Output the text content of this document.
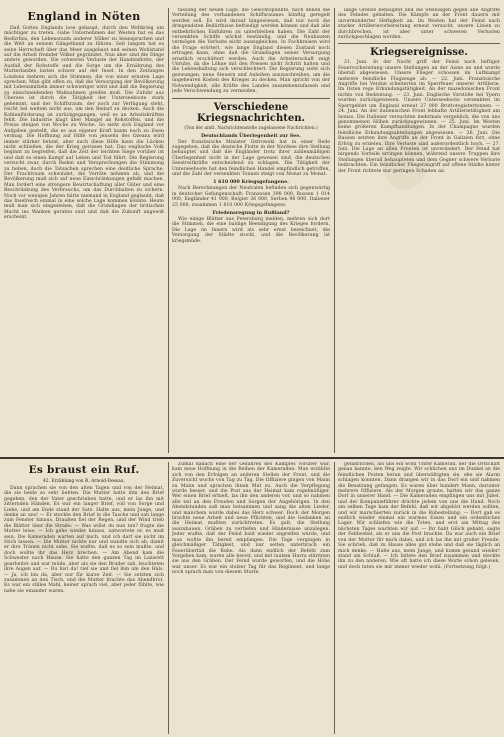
England in Nöten

Daß Gottes Englands lose gehaupt, durch den Weltkrieg um mächtiger zu treten. Gabe Unternehmen der Westen hat es das Bedürfnis, den Lebensraum anderer Völker zu beanspruchen und die Welt an seinem Gängelband zu führen. Seit langem hat es seine Herrschaft über das Meer ausgebaut und seinen Wohlstand auf die Arbeit fremder Völker gegründet. Nun aber sind die Dinge anders geworden. Die schweren Verluste der Handelsflotte, der Ausfall der Rohstoffe und die Sorge um die Ernährung des Mutterlandes lasten schwer auf der Insel. In den Zeitungen Londons mehren sich die Stimmen, die von einer ernsten Lage sprechen. Man gibt offen zu, daß die Versorgung der Bevölkerung mit Lebensmitteln immer schwieriger wird und daß die Regierung zu einschneidenden Maßnahmen greifen muß. Die Zufuhr aus Übersee ist durch die Tätigkeit der Unterseeboote stark gehemmt, und der Schiffsraum, der noch zur Verfügung steht, reicht bei weitem nicht aus, um den Bedarf zu decken. Auch die Kohlenförderung ist zurückgegangen, weil es an Arbeitskräften fehlt. Die Industrie klagt über Mangel an Rohstoffen, und die Preise steigen von Woche zu Woche. So sieht sich England vor Aufgaben gestellt, die es aus eigener Kraft kaum noch zu lösen vermag. Die Hoffnung auf Hilfe von jenseits des Ozeans wird immer stärker betont, aber auch diese Hilfe kann die Lücken nicht schließen, die der Krieg gerissen hat. Das englische Volk beginnt zu begreifen, daß die Zeit der leichten Siege vorüber ist und daß es einen Kampf auf Leben und Tod führt. Die Regierung versucht zwar, durch Reden und Versprechungen die Stimmung zu heben, doch die Tatsachen sprechen eine deutliche Sprache. Der Frachtraum schwindet, die Vorräte nehmen ab, und die Bevölkerung muß sich auf neue Einschränkungen gefaßt machen. Man fordert eine strengere Bewirtschaftung aller Güter und eine Beschränkung des Verbrauchs, um das Durchhalten zu sichern. Noch vor wenigen Jahren hätte niemand in England geglaubt, daß das Inselreich einmal in eine solche Lage kommen könnte. Heute muß man sich eingestehen, daß die Grundlagen der britischen Macht ins Wanken geraten sind und daß die Zukunft ungewiß erscheint.

fassung der neuen Lage, die Gesichtspunkte, nach denen die Verteilung des vorhandenen Schiffsraumes künftig geregelt werden soll. Es wird darauf hingewiesen, daß nur noch die dringendsten Bedürfnisse befriedigt werden können und daß alle entbehrlichen Einfuhren zu unterbleiben haben. Die Zahl der versenkten Schiffe wächst beständig, und die Neubauten vermögen die Verluste nicht auszugleichen. In Fachkreisen wird die Frage erörtert, wie lange England diesen Zustand noch ertragen kann, ohne daß die Grundlagen seiner Versorgung ernstlich erschüttert werden. Auch die Arbeiterschaft zeigt Unruhe, da die Löhne mit den Preisen nicht Schritt halten und die Lebenshaltung sich verschlechtert. Die Regierung sieht sich gezwungen, neue Steuern und Anleihen auszuschreiben, um die ungeheuren Kosten des Krieges zu decken. Man spricht von der Notwendigkeit, alle Kräfte des Landes zusammenzufassen und jede Verschwendung zu vermeiden.

Verschiedene Kriegsnachrichten.
(Von der amtl. Nachrichtenstelle zugelassene Nachrichten.)
Deutschlands Überlegenheit zur See.

Der französische Minister Ostrowski hat in einer Rede zugegeben, daß die deutsche Flotte in der Nordsee ihre Stellung behauptet und daß die Engländer trotz ihrer zahlenmäßigen Überlegenheit nicht in der Lage gewesen sind, die deutschen Seestreitkräfte entscheidend zu schlagen. Die Tätigkeit der Unterseeboote hat den feindlichen Handel empfindlich getroffen, und die Zahl der versenkten Tonnen steigt von Monat zu Monat.

1 610 000 Kriegsgefangene.

Nach Berechnungen der Neutralen befinden sich gegenwärtig in deutscher Gefangenschaft: Franzosen 398 000, Russen 1 014 000, Engländer 41 000, Belgier 36 000, Serben 96 000, Italiener 25 000, zusammen 1 610 000 Kriegsgefangene.

Friedensregung in Rußland?

Wie einige Blätter aus Petersburg melden, mehren sich dort die Stimmen, die eine baldige Beendigung des Krieges fordern. Die Lage im Innern wird als sehr ernst bezeichnet, die Versorgung der Städte stockt, und die Bevölkerung ist kriegsmüde.

lange Grenze behauptet und die Stellungen gegen alle Angriffe des Feindes gehalten. Die Kämpfe an der Front dauern mit unverminderter Heftigkeit an. Im Westen hat der Feind nach starker Artillerievorbereitung erneut versucht, unsere Linien zu durchbrechen, ist aber unter schweren Verlusten zurückgeschlagen worden.

Kriegsereignisse.

21. Juni. In der Nacht griff der Feind nach heftiger Feuervorbereitung unsere Stellungen an der Aisne an und wurde überall abgewiesen. Unsere Flieger schossen im Luftkampf mehrere feindliche Flugzeuge ab. — 22. Juni. Französische Angriffe bei Verdun scheiterten im Sperrfeuer unserer Artillerie. Im Osten rege Erkundungstätigkeit. An der mazedonischen Front nichts von Bedeutung. — 23. Juni. Englische Vorstöße bei Ypern wurden zurückgewiesen. Unsere Unterseeboote versenkten im Sperrgebiet um England erneut 27 000 Bruttoregistertonnen. — 24. Juni. An der italienischen Front lebhafte Artillerietätigkeit am Isonzo. Die Italiener versuchten mehrmals vergeblich, die von uns genommenen Höhen zurückzugewinnen. — 25. Juni. Im Westen keine größeren Kampfhandlungen. In der Champagne wurden feindliche Erkundungsabteilungen abgewiesen. — 26. Juni. Die Russen setzten ihre Angriffe an der Front in Galizien fort, ohne Erfolg zu erzielen. Ihre Verluste sind außerordentlich hoch. — 27. Juni. Die Lage an allen Fronten ist unverändert. Der Feind hat nirgends Vorteile erringen können, während unsere Truppen ihre Stellungen überall behaupteten und dem Gegner schwere Verluste beibrachten. Ein feindlicher Fliegerangriff auf offene Städte hinter der Front richtete nur geringen Schaden an.

Es braust ein Ruf.
42. Erzählung von R. Arnold-Dessau.

Dann sprachen sie von den alten Tagen und von der Heimat, die sie beide so sehr liebten. Die Mutter hatte ihm den Brief gegeben, den der Vater geschrieben hatte, und er las ihn mit zitternden Händen. Es war ein langer Brief, voll von Sorge und Liebe, und am Ende stand der Satz: Halte aus, mein Junge, und denke an uns! — Er steckte den Brief in die Tasche und sah lange zum Fenster hinaus. Draußen fiel der Regen, und der Wind trieb die Blätter über die Straße. — Was willst du nun tun? fragte die Mutter leise. — Ich gehe wieder hinaus, antwortete er, es muß sein. Die Kameraden warten auf mich, und ich darf sie nicht im Stich lassen. — Die Mutter nickte nur und wandte sich ab, damit er ihre Tränen nicht sehe. Sie wußte, daß es so sein mußte, und doch wollte ihr das Herz brechen. — Am Abend kam die Schwester nach Hause. Sie hatte den ganzen Tag im Lazarett gearbeitet und war müde, aber als sie den Bruder sah, leuchteten ihre Augen auf. — Du bist da! rief sie und fiel ihm um den Hals. — Ja, ich bin da, aber nur für kurze Zeit. — Sie setzten sich zusammen an den Tisch, und die Mutter brachte das Abendbrot. Es war ein stilles Mahl, keiner sprach viel, aber jeder fühlte, wie nahe sie einander waren.

Zumal danach eine der Gefahren des Kampfes vorüber war, kam neue Hoffnung in die Reihen der Kameraden. Man erzählte sich von den Erfolgen an anderen Stellen der Front, und die Zuversicht wuchs von Tag zu Tag. Die Offiziere gingen von Mann zu Mann und sprachen ihnen Mut zu. Auch die Verpflegung wurde besser, und die Post aus der Heimat kam regelmäßiger. Wer einen Brief erhielt, las ihn den anderen vor, und so nahmen alle teil an den Freuden und Sorgen der Angehörigen. In den Abendstunden saß man beisammen und sang die alten Lieder, und manchem wurde dabei das Herz schwer. Doch der Morgen brachte neue Arbeit und neue Pflichten, und die Gedanken an die Heimat mußten zurücktreten. Es galt, die Stellung auszubauen, Gräben zu vertiefen und Hindernisse anzulegen. Jeder wußte, daß der Feind bald wieder angreifen würde, und man wollte ihn bereit empfangen. Die Tage vergingen in gleichmäßiger Tätigkeit, und nur selten unterbrach ein Feuerüberfall die Ruhe. Als dann endlich der Befehl zum Vorgehen kam, waren alle bereit, und mit lautem Hurra stürmten sie aus den Gräben. Der Feind wurde geworfen, und die Höhe war unser. Es war ein stolzer Tag für das Regiment, und lange noch sprach man von diesem Sturm.

gefährlichen, als uns ein wohl Unter Kamerad, der die Ortschaft genau kannte, den Weg zeigte. Wir schlichen uns im Dunkel an die feindlichen Posten heran und überwältigten sie, ehe sie Alarm schlagen konnten. Dann drangen wir in das Dorf ein und nahmen die Besatzung gefangen. Es waren über hundert Mann, darunter mehrere Offiziere. Als der Morgen graute, hatten wir das ganze Dorf in unserer Hand. — Die Kameraden empfingen uns mit Jubel, und der Kompanieführer drückte jedem von uns die Hand. Noch am selben Tage kam der Befehl, daß wir abgelöst werden sollten, und wir marschierten zurück in die Ruhestellung. — Dort gab es endlich wieder einmal ein warmes Essen und ein ordentliches Lager. Wir schliefen wie die Toten, und erst am Mittag des nächsten Tages wachten wir auf. — Ihr habt Glück gehabt, sagte der Feldwebel, als er uns die Post brachte. Da war auch ein Brief von der Mutter für mich dabei, und ich las ihn mit großer Freude. Sie schrieb, daß zu Hause alles gut stehe und daß sie täglich an mich denke. — Halte aus, mein Junge, und komm gesund wieder! stand am Schluß. — Ich faltete den Brief zusammen und steckte ihn zu den anderen. Wie oft hatte ich diese Worte schon gelesen, und doch taten sie mir immer wieder wohl. (Fortsetzung folgt.)
